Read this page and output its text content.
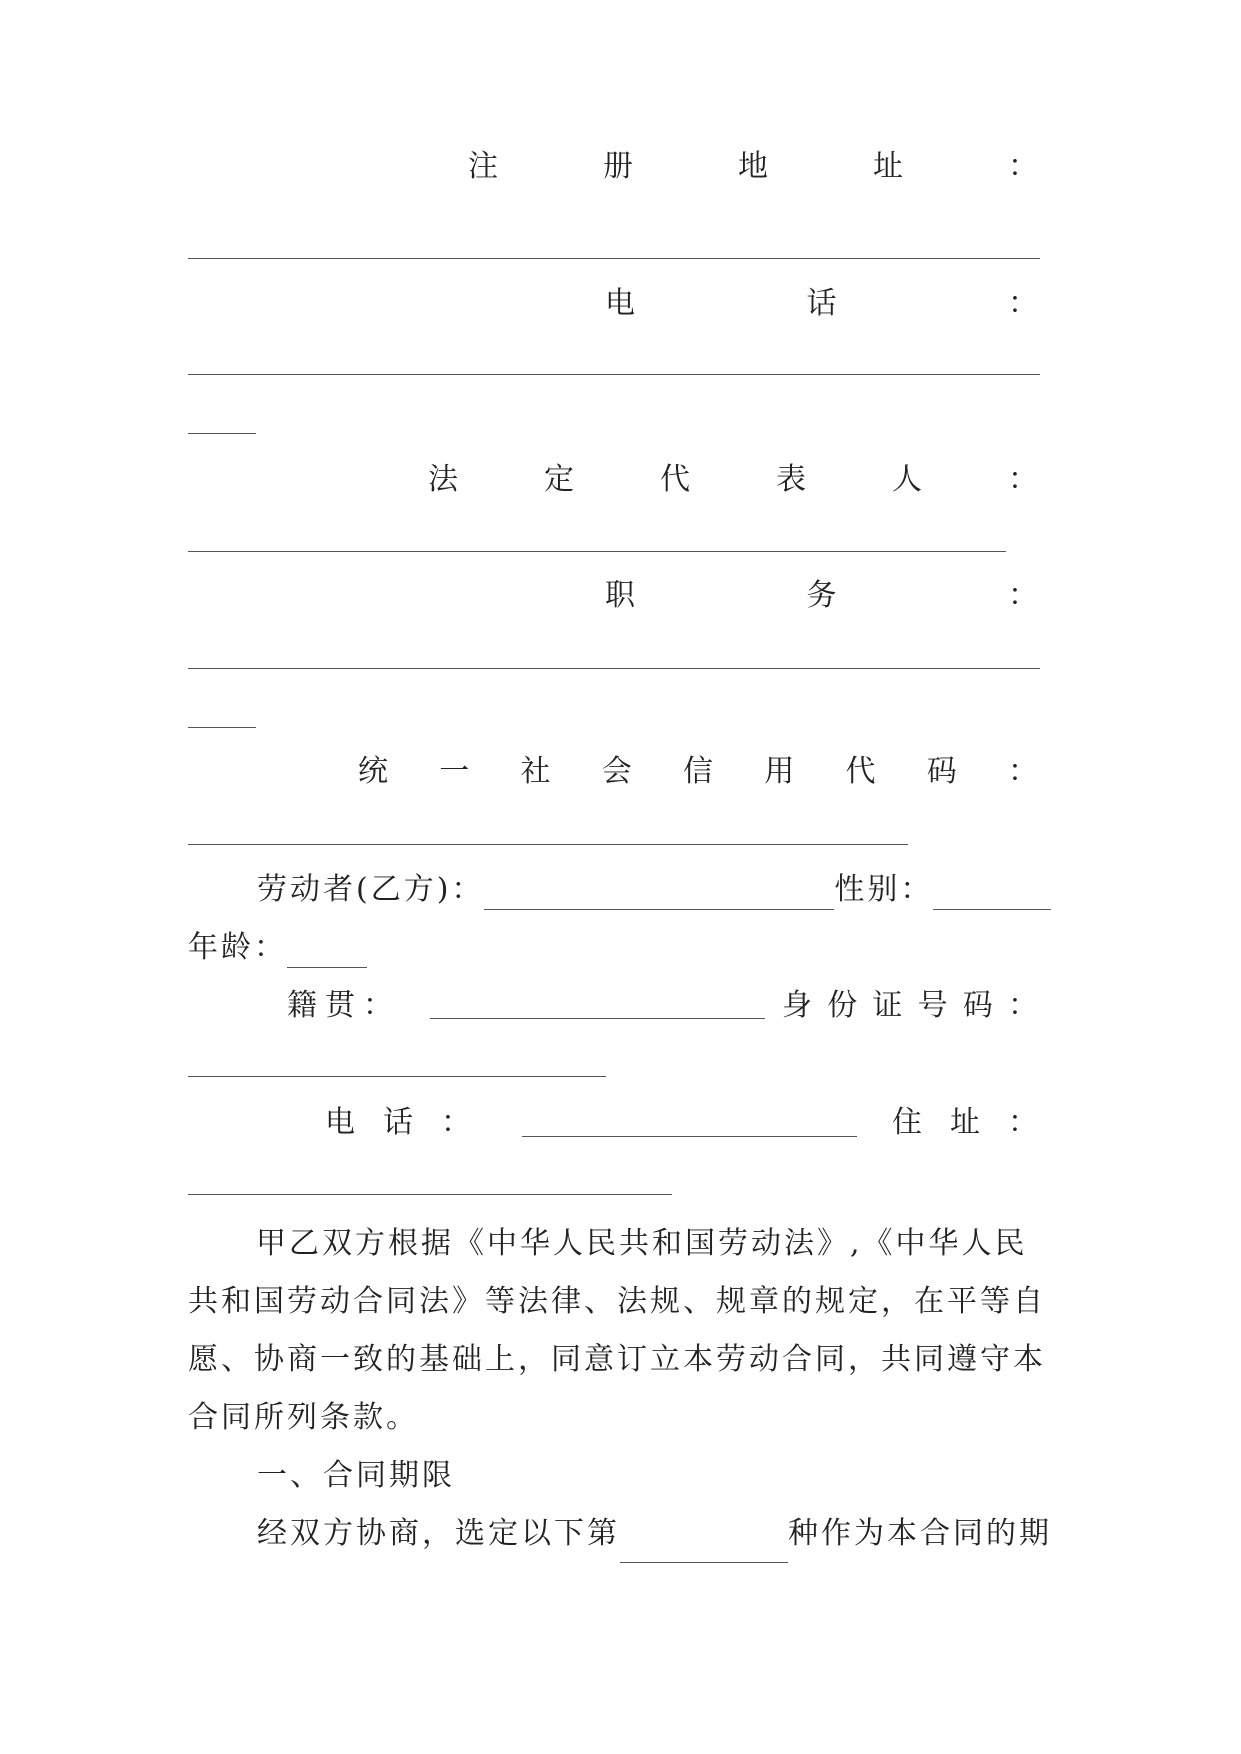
注	册	地	址	：
电	话	：
法	定	代	表	人	：
职	务	：
统 一 社 会 信 用 代 码 ：
劳动者(乙方)：	性别：
年龄：
籍 贯 ：	身 份 证 号 码 ：
电 话 ：	住 址 ：
甲乙双方根据《中华人民共和国劳动法》,《中华人民共和国劳动合同法》等法律、法规、规章的规定，在平等自愿、协商一致的基础上，同意订立本劳动合同，共同遵守本合同所列条款。
一、合同期限
经双方协商，选定以下第	种作为本合同的期
